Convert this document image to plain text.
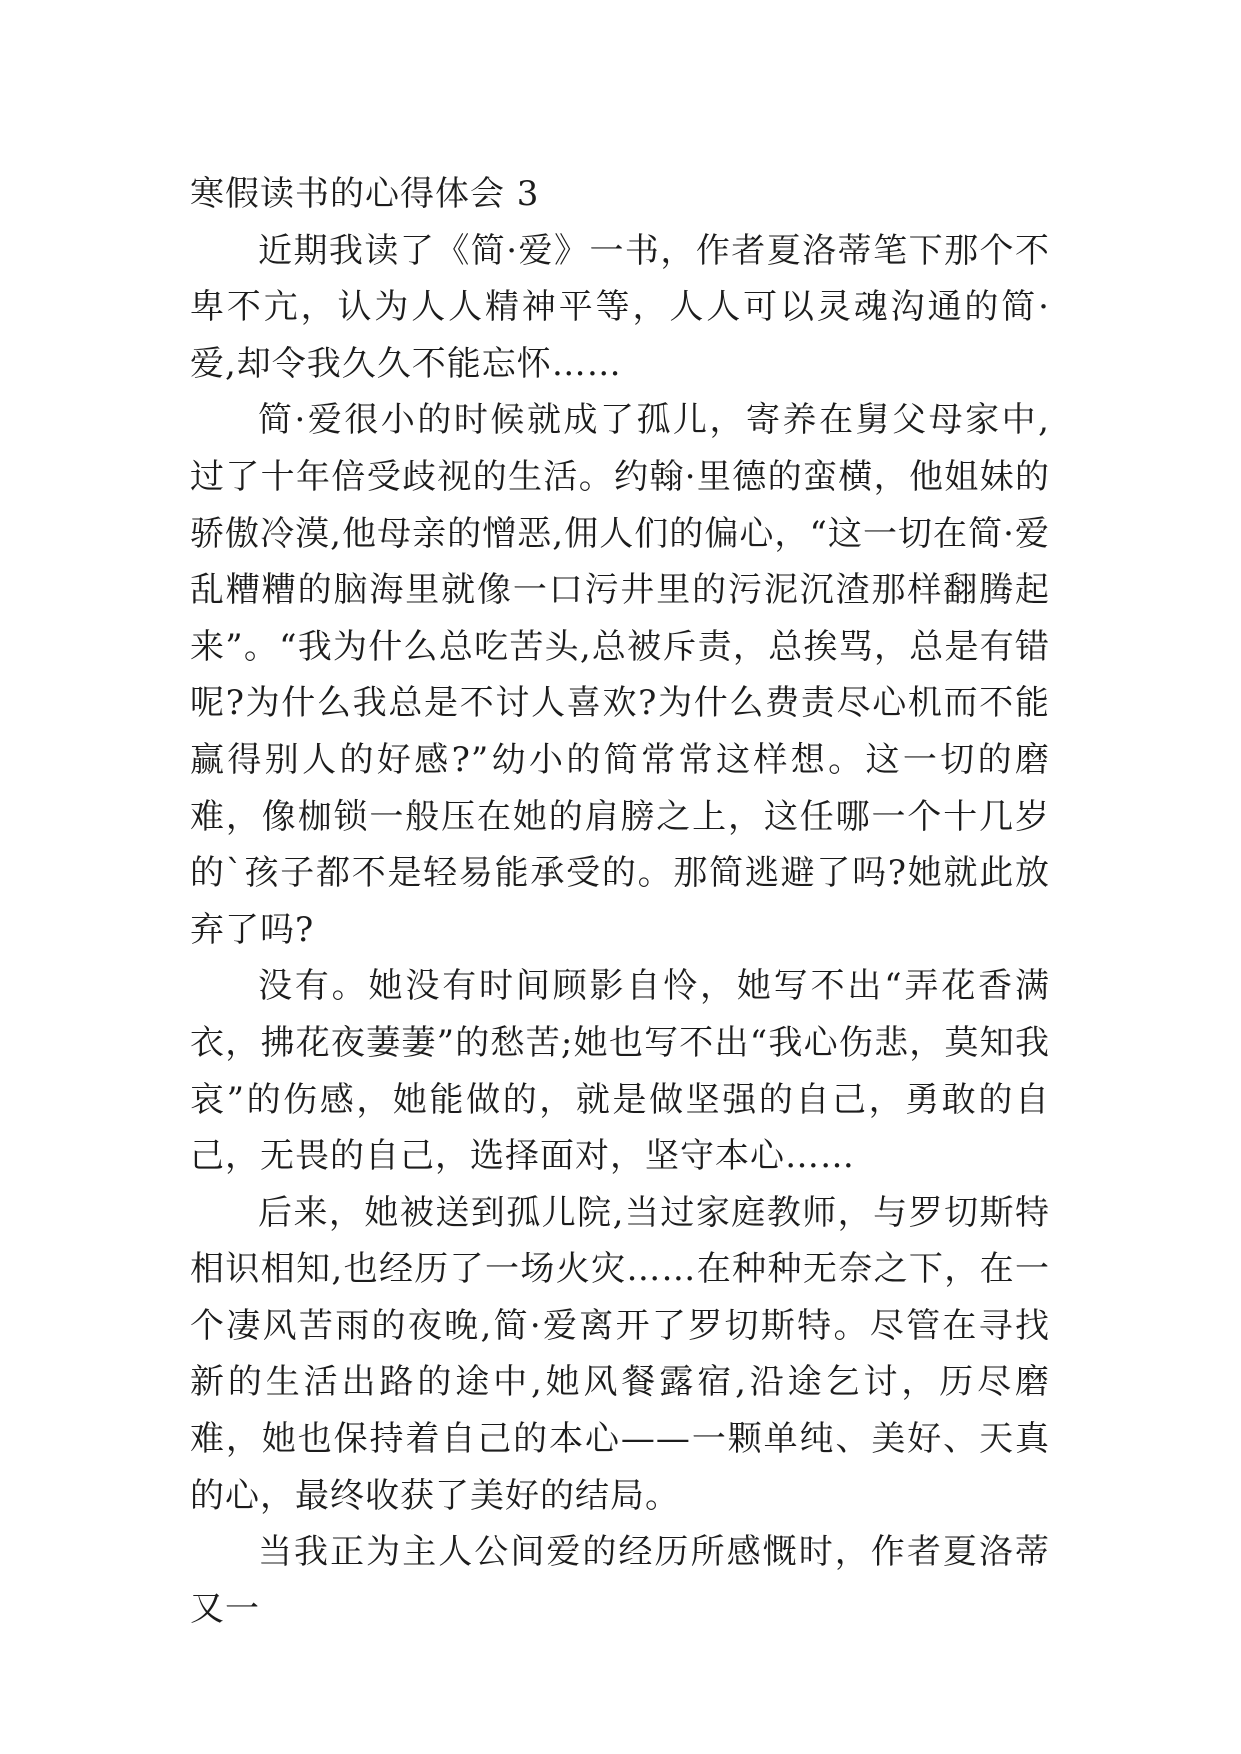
寒假读书的心得体会 3

近期我读了《简·爱》一书，作者夏洛蒂笔下那个不卑不亢，认为人人精神平等，人人可以灵魂沟通的简·爱,却令我久久不能忘怀……

简·爱很小的时候就成了孤儿，寄养在舅父母家中,过了十年倍受歧视的生活。约翰·里德的蛮横，他姐妹的骄傲冷漠,他母亲的憎恶,佣人们的偏心，“这一切在简·爱乱糟糟的脑海里就像一口污井里的污泥沉渣那样翻腾起来”。“我为什么总吃苦头,总被斥责，总挨骂，总是有错呢?为什么我总是不讨人喜欢?为什么费责尽心机而不能赢得别人的好感?”幼小的简常常这样想。这一切的磨难，像枷锁一般压在她的肩膀之上，这任哪一个十几岁的`孩子都不是轻易能承受的。那简逃避了吗?她就此放弃了吗?

没有。她没有时间顾影自怜，她写不出“弄花香满衣，拂花夜萋萋”的愁苦;她也写不出“我心伤悲，莫知我哀”的伤感，她能做的，就是做坚强的自己，勇敢的自己，无畏的自己，选择面对，坚守本心……

后来，她被送到孤儿院,当过家庭教师，与罗切斯特相识相知,也经历了一场火灾……在种种无奈之下，在一个凄风苦雨的夜晚,简·爱离开了罗切斯特。尽管在寻找新的生活出路的途中,她风餐露宿,沿途乞讨，历尽磨难，她也保持着自己的本心——一颗单纯、美好、天真的心，最终收获了美好的结局。

当我正为主人公间爱的经历所感慨时，作者夏洛蒂又一
